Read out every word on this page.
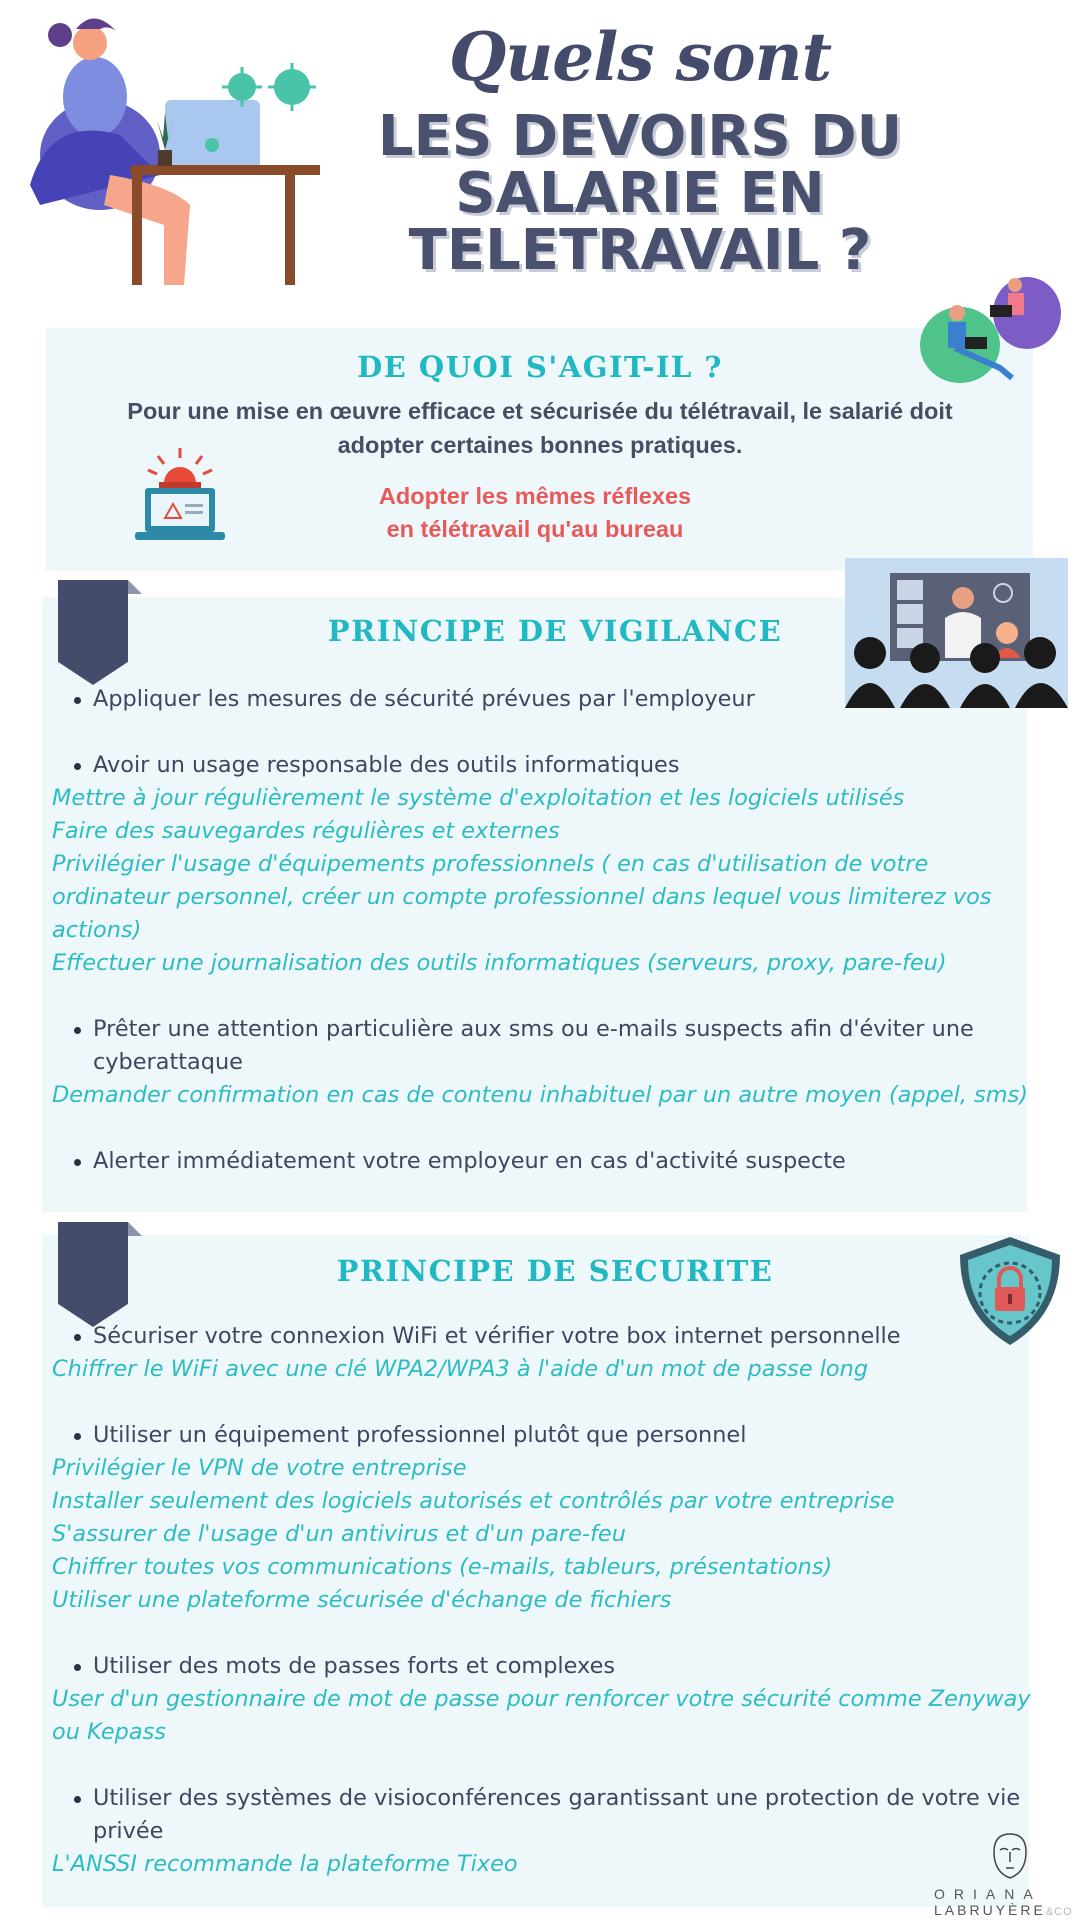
Quels sont
LES DEVOIRS DU
SALARIE EN
TELETRAVAIL ?
DE QUOI S'AGIT-IL ?
Pour une mise en œuvre efficace et sécurisée du télétravail, le salarié doit adopter certaines bonnes pratiques.
Adopter les mêmes réflexes
en télétravail qu'au bureau
PRINCIPE DE VIGILANCE
Appliquer les mesures de sécurité prévues par l'employeur
Avoir un usage responsable des outils informatiques
Mettre à jour régulièrement le système d'exploitation et les logiciels utilisés
Faire des sauvegardes régulières et externes
Privilégier l'usage d'équipements professionnels ( en cas d'utilisation de votre ordinateur personnel, créer un compte professionnel dans lequel vous limiterez vos actions)
Effectuer une journalisation des outils informatiques (serveurs, proxy, pare-feu)
Prêter une attention particulière aux sms ou e-mails suspects afin d'éviter une cyberattaque
Demander confirmation en cas de contenu inhabituel par un autre moyen (appel, sms)
Alerter immédiatement votre employeur en cas d'activité suspecte
PRINCIPE DE SECURITE
Sécuriser votre connexion WiFi et vérifier votre box internet personnelle
Chiffrer le WiFi avec une clé WPA2/WPA3 à l'aide d'un mot de passe long
Utiliser un équipement professionnel plutôt que personnel
Privilégier le VPN de votre entreprise
Installer seulement des logiciels autorisés et contrôlés par votre entreprise
S'assurer de l'usage d'un antivirus et d'un pare-feu
Chiffrer toutes vos communications (e-mails, tableurs, présentations)
Utiliser une plateforme sécurisée d'échange de fichiers
Utiliser des mots de passes forts et complexes
User d'un gestionnaire de mot de passe pour renforcer votre sécurité comme Zenyway ou Kepass
Utiliser des systèmes de visioconférences garantissant une protection de votre vie privée
L'ANSSI recommande la plateforme Tixeo
ORIANA
LABRUYÈRE&CO
